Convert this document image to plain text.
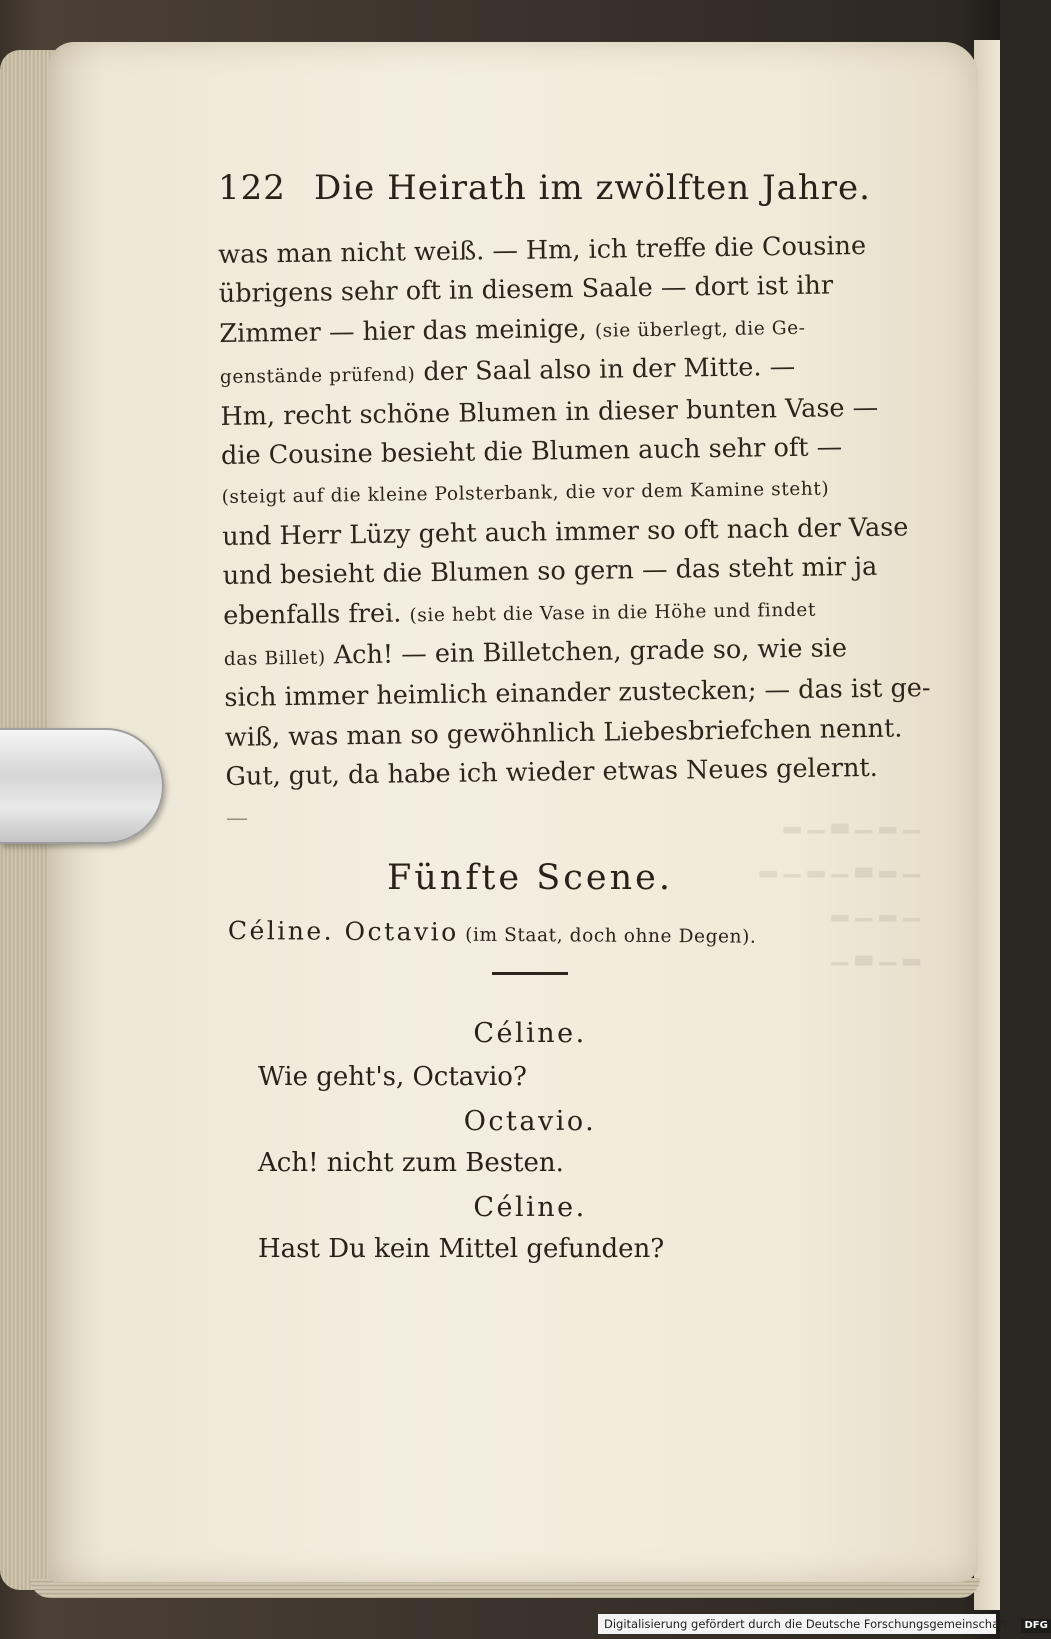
122 Die Heirath im zwölften Jahre.
was man nicht weiß. — Hm, ich treffe die Cousine
übrigens sehr oft in diesem Saale — dort ist ihr
Zimmer — hier das meinige, (sie überlegt, die Ge-
genstände prüfend) der Saal also in der Mitte. —
Hm, recht schöne Blumen in dieser bunten Vase —
die Cousine besieht die Blumen auch sehr oft —
(steigt auf die kleine Polsterbank, die vor dem Kamine steht)
und Herr Lüzy geht auch immer so oft nach der Vase
und besieht die Blumen so gern — das steht mir ja
ebenfalls frei. (sie hebt die Vase in die Höhe und findet
das Billet) Ach! — ein Billetchen, grade so, wie sie
sich immer heimlich einander zustecken; — das ist ge-
wiß, was man so gewöhnlich Liebesbriefchen nennt.
Gut, gut, da habe ich wieder etwas Neues gelernt.
—
Fünfte Scene.
Céline. Octavio (im Staat, doch ohne Degen).
Céline.
Wie geht's, Octavio?
Octavio.
Ach! nicht zum Besten.
Céline.
Hast Du kein Mittel gefunden?
Digitalisierung gefördert durch die Deutsche Forschungsgemeinschaft · DFG
